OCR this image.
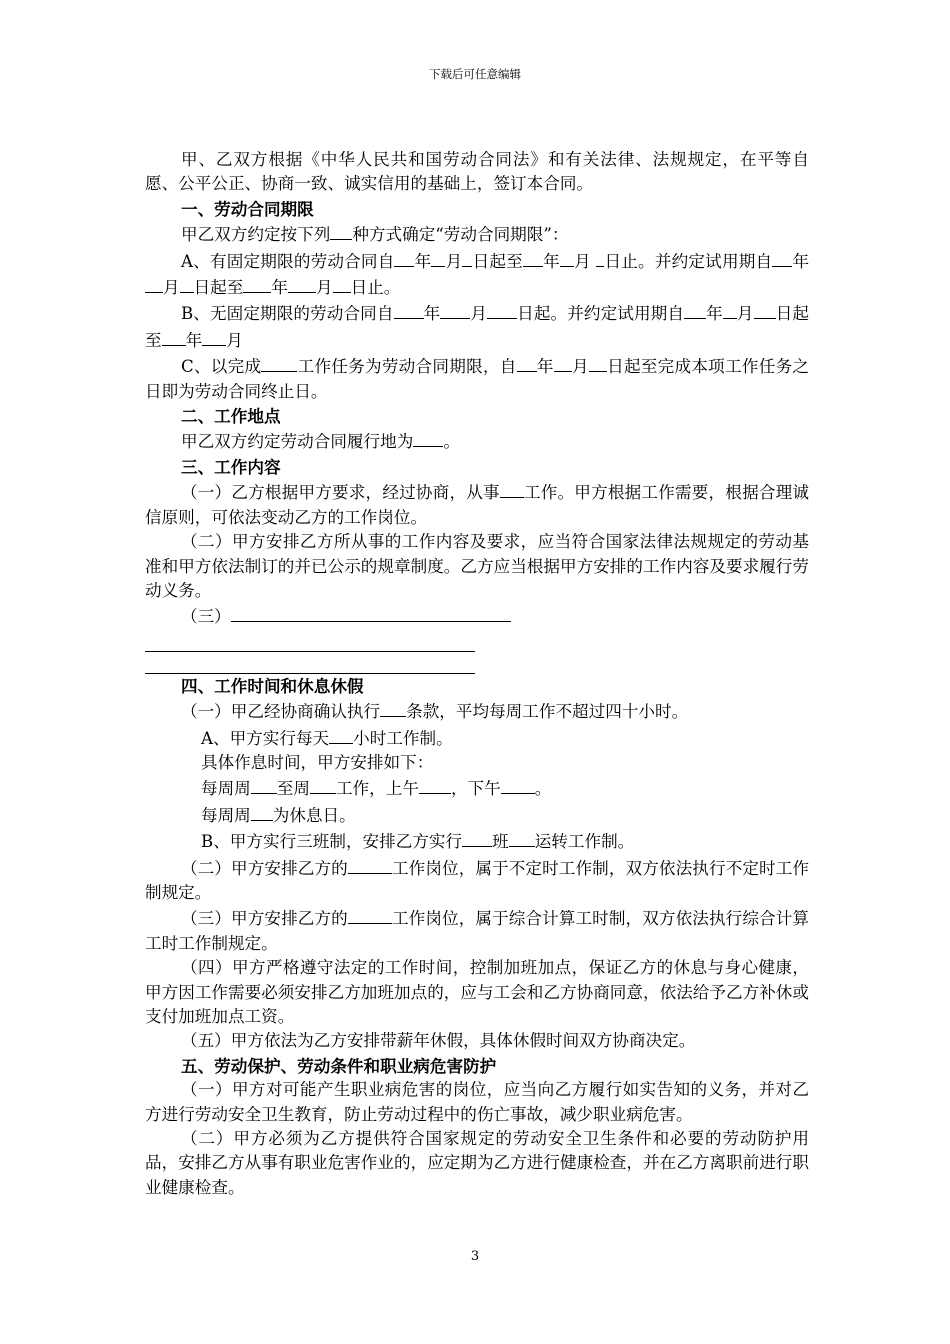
下载后可任意编辑

甲、乙双方根据《中华人民共和国劳动合同法》和有关法律、法规规定，在平等自愿、公平公正、协商一致、诚实信用的基础上，签订本合同。

一、劳动合同期限

甲乙双方约定按下列 种方式确定“劳动合同期限”：

A、有固定期限的劳动合同自 年 月 日起至 年 月 日止。并约定试用期自 年月 日起至 年 月 日止。

B、无固定期限的劳动合同自 年 月 日起。并约定试用期自 年 月 日起至 年 月

C、以完成 工作任务为劳动合同期限，自 年 月 日起至完成本项工作任务之日即为劳动合同终止日。

二、工作地点

甲乙双方约定劳动合同履行地为 。

三、工作内容

（一）乙方根据甲方要求，经过协商，从事 工作。甲方根据工作需要，根据合理诚信原则，可依法变动乙方的工作岗位。

（二）甲方安排乙方所从事的工作内容及要求，应当符合国家法律法规规定的劳动基准和甲方依法制订的并已公示的规章制度。乙方应当根据甲方安排的工作内容及要求履行劳动义务。

（三）

四、工作时间和休息休假

（一）甲乙经协商确认执行 条款，平均每周工作不超过四十小时。

A、甲方实行每天 小时工作制。

具体作息时间，甲方安排如下：

每周周 至周 工作，上午 ，下午 。

每周周 为休息日。

B、甲方实行三班制，安排乙方实行 班 运转工作制。

（二）甲方安排乙方的	工作岗位，属于不定时工作制，双方依法执行不定时工作制规定。

（三）甲方安排乙方的	工作岗位，属于综合计算工时制，双方依法执行综合计算工时工作制规定。

（四）甲方严格遵守法定的工作时间，控制加班加点，保证乙方的休息与身心健康，甲方因工作需要必须安排乙方加班加点的，应与工会和乙方协商同意，依法给予乙方补休或支付加班加点工资。

（五）甲方依法为乙方安排带薪年休假，具体休假时间双方协商决定。

五、劳动保护、劳动条件和职业病危害防护

（一）甲方对可能产生职业病危害的岗位，应当向乙方履行如实告知的义务，并对乙方进行劳动安全卫生教育，防止劳动过程中的伤亡事故，减少职业病危害。

（二）甲方必须为乙方提供符合国家规定的劳动安全卫生条件和必要的劳动防护用品，安排乙方从事有职业危害作业的，应定期为乙方进行健康检查，并在乙方离职前进行职业健康检查。

3
